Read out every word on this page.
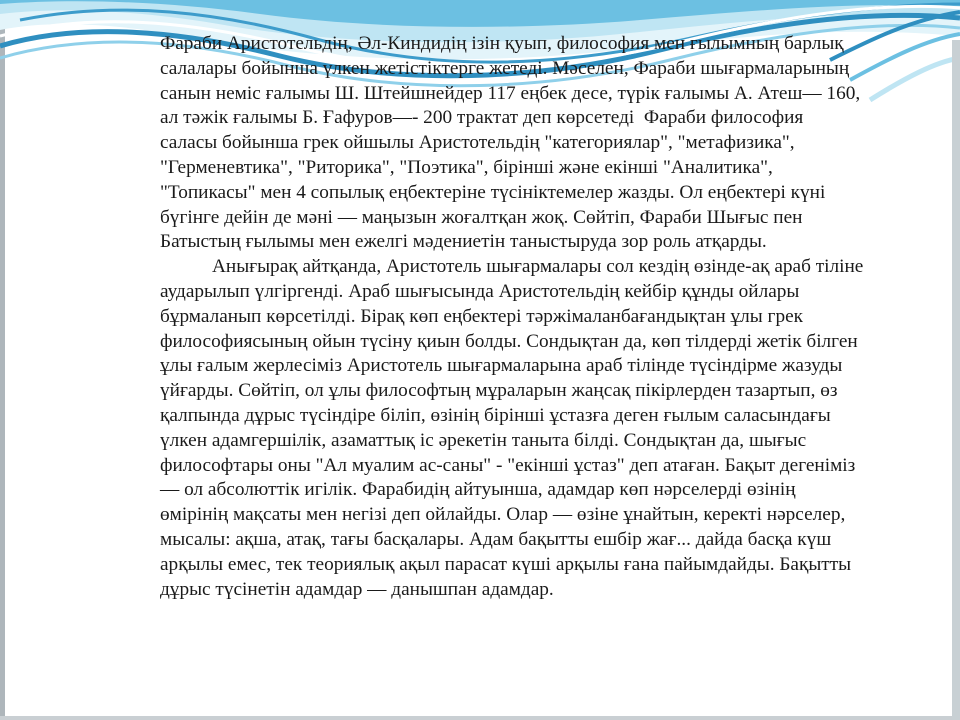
Фараби Аристотельдің, Әл-Киндидің ізін қуып, философия мен ғылымның барлық
салалары бойынша үлкен жетістіктерге жетеді. Мәселен, Фараби шығармаларының
санын неміс ғалымы Ш. Штейшнейдер 117 еңбек десе, түрік ғалымы А. Атеш— 160,
ал тәжік ғалымы Б. Ғафуров—- 200 трактат деп көрсетеді  Фараби философия
саласы бойынша грек ойшылы Аристотельдің "категориялар", "метафизика",
"Герменевтика", "Риторика", "Поэтика", бірінші және екінші "Аналитика",
"Топикасы" мен 4 сопылық еңбектеріне түсініктемелер жазды. Ол еңбектері күні
бүгінге дейін де мәні — маңызын жоғалтқан жоқ. Сөйтіп, Фараби Шығыс пен
Батыстың ғылымы мен ежелгі мәдениетін таныстыруда зор роль атқарды.
Анығырақ айтқанда, Аристотель шығармалары сол кездің өзінде-ақ араб тіліне
аударылып үлгіргенді. Араб шығысында Аристотельдің кейбір құнды ойлары
бұрмаланып көрсетілді. Бірақ көп еңбектері тәржімаланбағандықтан ұлы грек
философиясының ойын түсіну қиын болды. Сондықтан да, көп тілдерді жетік білген
ұлы ғалым жерлесіміз Аристотель шығармаларына араб тілінде түсіндірме жазуды
үйғарды. Сөйтіп, ол ұлы философтың мұраларын жаңсақ пікірлерден тазартып, өз
қалпында дұрыс түсіндіре біліп, өзінің бірінші ұстазға деген ғылым саласындағы
үлкен адамгершілік, азаматтық іс әрекетін танытa білді. Сондықтан да, шығыс
философтары оны "Ал муалим ас-саны" - "екінші ұстаз" деп атаған. Бақыт дегеніміз
— ол абсолюттік игілік. Фарабидің айтуынша, адамдар көп нәрселерді өзінің
өмірінің мақсаты мен негізі деп ойлайды. Олар — өзіне ұнайтын, керекті нәрселер,
мысалы: ақша, атақ, тағы басқалары. Адам бақытты ешбір жағ... дайда басқа күш
арқылы емес, тек теориялық ақыл парасат күші арқылы ғана пайымдайды. Бақытты
дұрыс түсінетін адамдар — данышпан адамдар.
